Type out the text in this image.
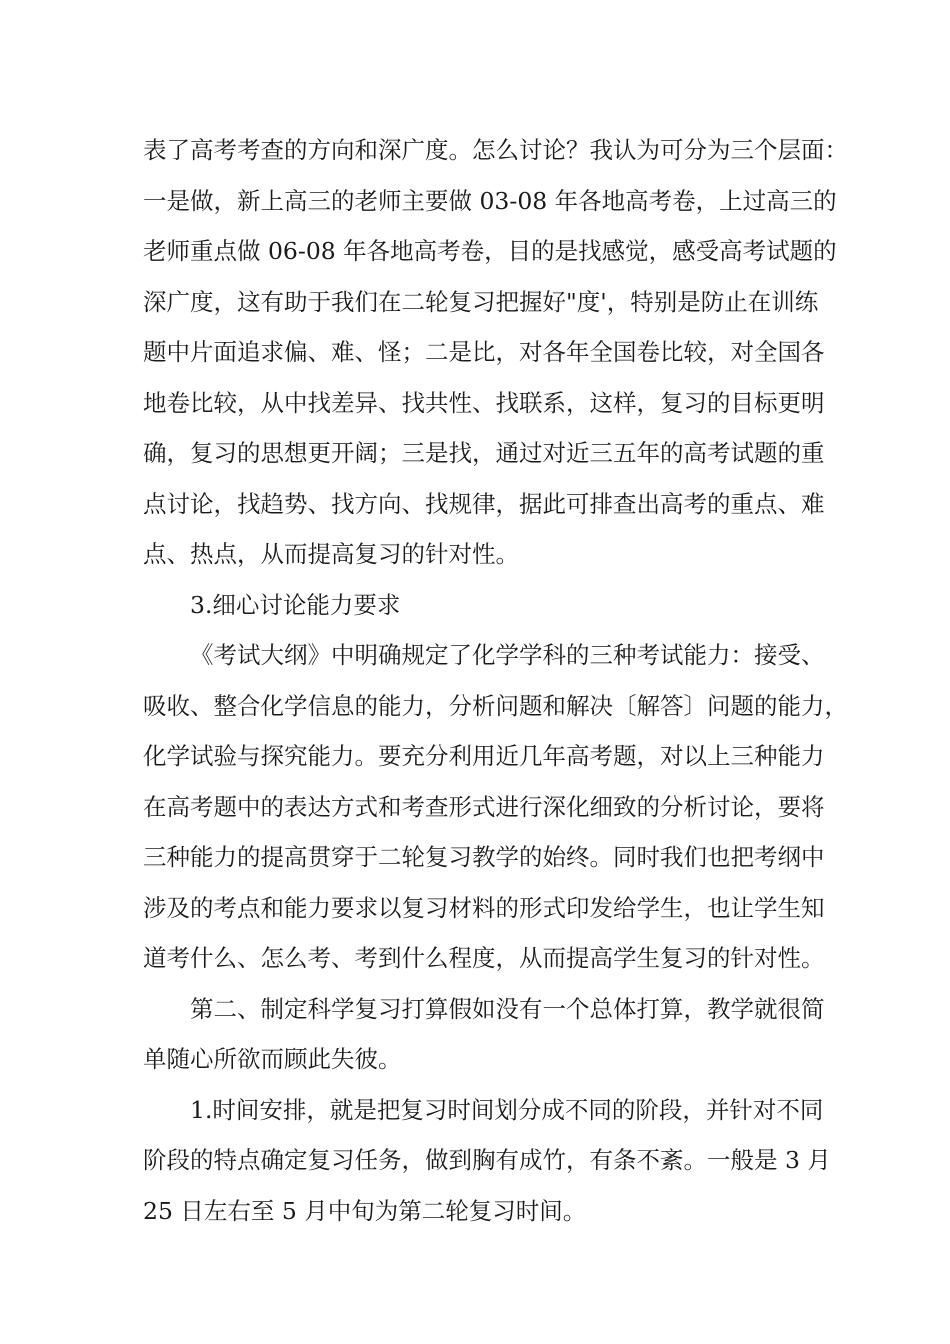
表了高考考查的方向和深广度。怎么讨论？我认为可分为三个层面：
一是做，新上高三的老师主要做 03-08 年各地高考卷，上过高三的
老师重点做 06-08 年各地高考卷，目的是找感觉，感受高考试题的
深广度，这有助于我们在二轮复习把握好"度'，特别是防止在训练
题中片面追求偏、难、怪；二是比，对各年全国卷比较，对全国各
地卷比较，从中找差异、找共性、找联系，这样，复习的目标更明
确，复习的思想更开阔；三是找，通过对近三五年的高考试题的重
点讨论，找趋势、找方向、找规律，据此可排查出高考的重点、难
点、热点，从而提高复习的针对性。
3.细心讨论能力要求
《考试大纲》中明确规定了化学学科的三种考试能力：接受、
吸收、整合化学信息的能力，分析问题和解决〔解答〕问题的能力，
化学试验与探究能力。要充分利用近几年高考题，对以上三种能力
在高考题中的表达方式和考查形式进行深化细致的分析讨论，要将
三种能力的提高贯穿于二轮复习教学的始终。同时我们也把考纲中
涉及的考点和能力要求以复习材料的形式印发给学生，也让学生知
道考什么、怎么考、考到什么程度，从而提高学生复习的针对性。
第二、制定科学复习打算假如没有一个总体打算，教学就很简
单随心所欲而顾此失彼。
1.时间安排，就是把复习时间划分成不同的阶段，并针对不同
阶段的特点确定复习任务，做到胸有成竹，有条不紊。一般是 3 月
25 日左右至 5 月中旬为第二轮复习时间。
